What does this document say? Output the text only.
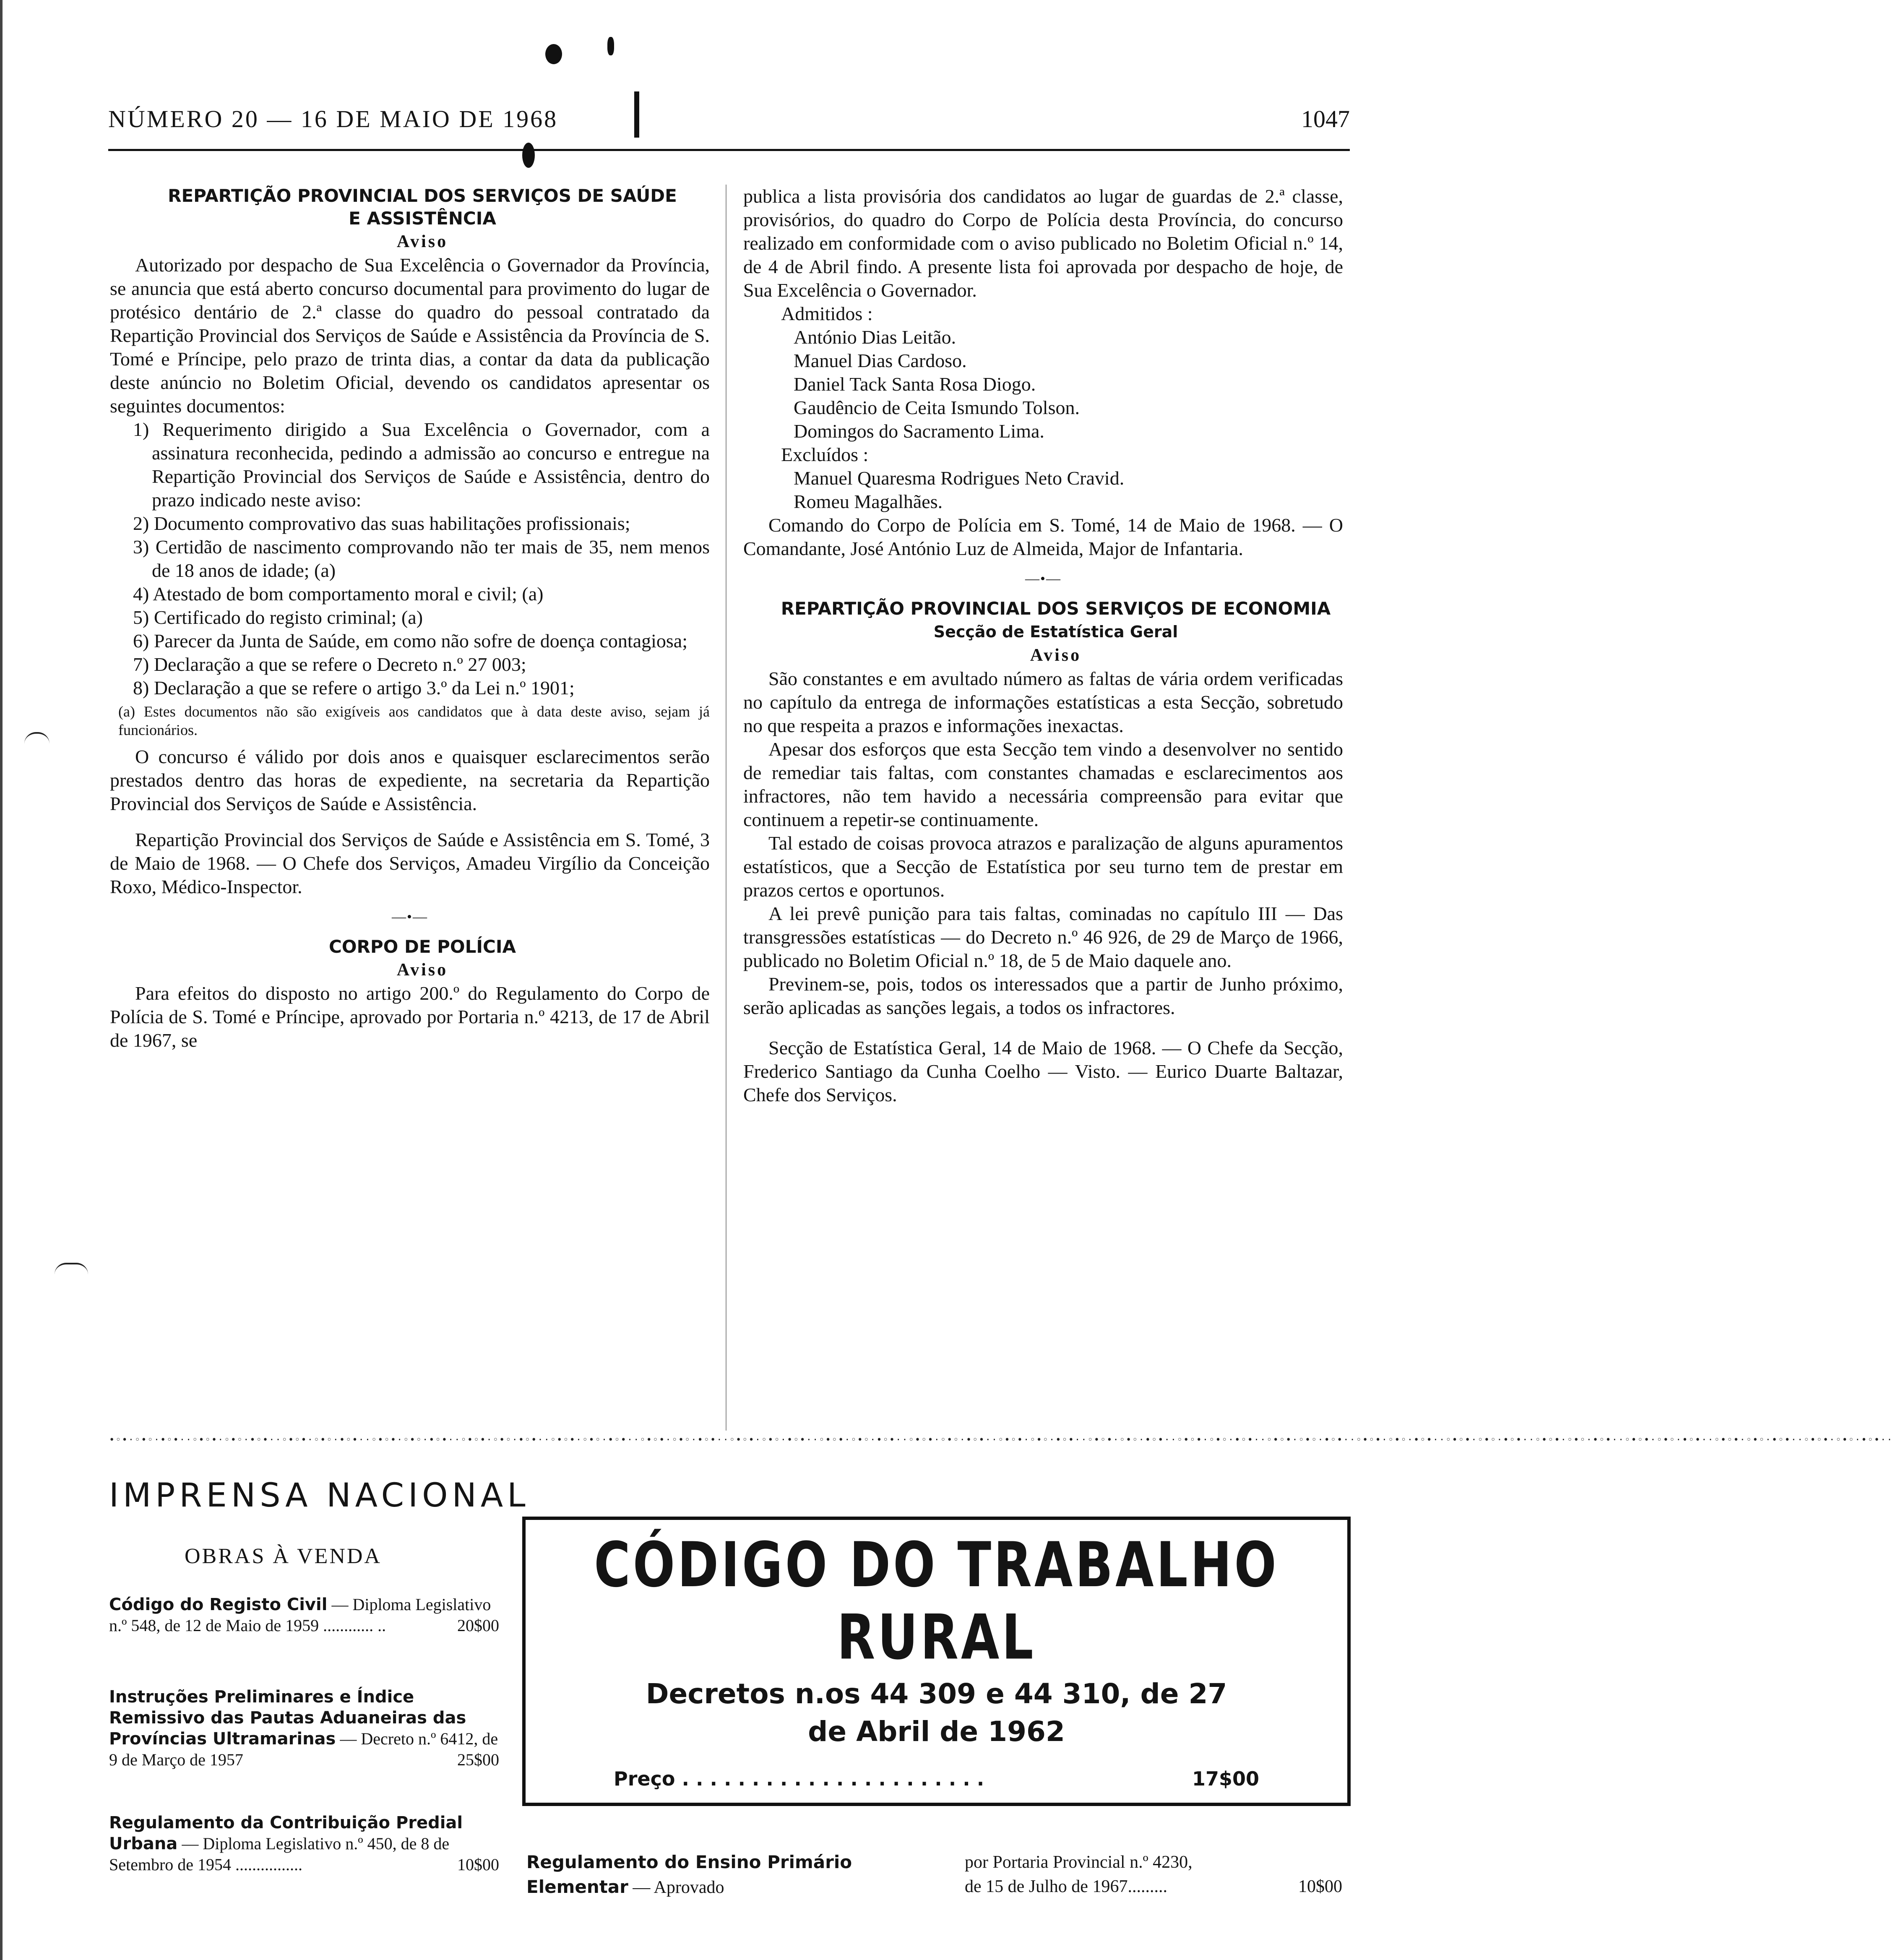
NÚMERO 20 — 16 DE MAIO DE 1968	1047

REPARTIÇÃO PROVINCIAL DOS SERVIÇOS DE SAÚDE

E ASSISTÊNCIA

Aviso

Autorizado por despacho de Sua Excelência o Governador da Província, se anuncia que está aberto concurso documental para provimento do lugar de protésico dentário de 2.ª classe do quadro do pessoal contratado da Repartição Provincial dos Serviços de Saúde e Assistência da Província de S. Tomé e Príncipe, pelo prazo de trinta dias, a contar da data da publicação deste anúncio no Boletim Oficial, devendo os candidatos apresentar os seguintes documentos:

1) Requerimento dirigido a Sua Excelência o Governador, com a assinatura reconhecida, pedindo a admissão ao concurso e entregue na Repartição Provincial dos Serviços de Saúde e Assistência, dentro do prazo indicado neste aviso:
2) Documento comprovativo das suas habilitações profissionais;
3) Certidão de nascimento comprovando não ter mais de 35, nem menos de 18 anos de idade; (a)
4) Atestado de bom comportamento moral e civil; (a)
5) Certificado do registo criminal; (a)
6) Parecer da Junta de Saúde, em como não sofre de doença contagiosa;
7) Declaração a que se refere o Decreto n.º 27 003;
8) Declaração a que se refere o artigo 3.º da Lei n.º 1901;

(a) Estes documentos não são exigíveis aos candidatos que à data deste aviso, sejam já funcionários.

O concurso é válido por dois anos e quaisquer esclarecimentos serão prestados dentro das horas de expediente, na secretaria da Repartição Provincial dos Serviços de Saúde e Assistência.

Repartição Provincial dos Serviços de Saúde e Assistência em S. Tomé, 3 de Maio de 1968. — O Chefe dos Serviços, Amadeu Virgílio da Conceição Roxo, Médico-Inspector.

—•—

CORPO DE POLÍCIA

Aviso

Para efeitos do disposto no artigo 200.º do Regulamento do Corpo de Polícia de S. Tomé e Príncipe, aprovado por Portaria n.º 4213, de 17 de Abril de 1967, se

publica a lista provisória dos candidatos ao lugar de guardas de 2.ª classe, provisórios, do quadro do Corpo de Polícia desta Província, do concurso realizado em conformidade com o aviso publicado no Boletim Oficial n.º 14, de 4 de Abril findo. A presente lista foi aprovada por despacho de hoje, de Sua Excelência o Governador.

Admitidos :

António Dias Leitão.
Manuel Dias Cardoso.
Daniel Tack Santa Rosa Diogo.
Gaudêncio de Ceita Ismundo Tolson.
Domingos do Sacramento Lima.

Excluídos :

Manuel Quaresma Rodrigues Neto Cravid.
Romeu Magalhães.

Comando do Corpo de Polícia em S. Tomé, 14 de Maio de 1968. — O Comandante, José António Luz de Almeida, Major de Infantaria.

—•—

REPARTIÇÃO PROVINCIAL DOS SERVIÇOS DE ECONOMIA

Secção de Estatística Geral

Aviso

São constantes e em avultado número as faltas de vária ordem verificadas no capítulo da entrega de informações estatísticas a esta Secção, sobretudo no que respeita a prazos e informações inexactas.

Apesar dos esforços que esta Secção tem vindo a desenvolver no sentido de remediar tais faltas, com constantes chamadas e esclarecimentos aos infractores, não tem havido a necessária compreensão para evitar que continuem a repetir-se continuamente.

Tal estado de coisas provoca atrazos e paralização de alguns apuramentos estatísticos, que a Secção de Estatística por seu turno tem de prestar em prazos certos e oportunos.

A lei prevê punição para tais faltas, cominadas no capítulo III — Das transgressões estatísticas — do Decreto n.º 46 926, de 29 de Março de 1966, publicado no Boletim Oficial n.º 18, de 5 de Maio daquele ano.

Previnem-se, pois, todos os interessados que a partir de Junho próximo, serão aplicadas as sanções legais, a todos os infractores.

Secção de Estatística Geral, 14 de Maio de 1968. — O Chefe da Secção, Frederico Santiago da Cunha Coelho — Visto. — Eurico Duarte Baltazar, Chefe dos Serviços.

•◦•·◦•◦·•◦•··◦•◦•·◦•◦·•◦•··◦•◦•·◦•◦·•◦•··◦•◦•·◦•◦·•◦•··◦•◦•·◦•◦·•◦•··◦•◦•·◦•◦·•◦•··◦•◦•·◦•◦·•◦•··◦•◦•·◦•◦·•◦•··◦•◦•·◦•◦·•◦•··◦•◦•·◦•◦·•◦•··◦•◦•·◦•◦·•◦•··◦•◦•·◦•◦·•◦•··◦•◦•·◦•◦·•◦•··◦•◦•·◦•◦·•◦•··◦•◦•·◦•◦·•◦•··◦•◦•·◦•◦·•◦•··◦•◦•·◦•◦·•◦•··◦•◦•·◦•◦·•◦•··◦•◦•·◦•◦·•◦•··◦•◦•·◦•◦·•◦•··
IMPRENSA NACIONAL
OBRAS À VENDA
Código do Registo Civil — Diploma Legislativo n.º 548, de 12 de Maio de 1959 ............ ..	20$00
Instruções Preliminares e Índice Remissivo das Pautas Aduaneiras das Províncias Ultramarinas — Decreto n.º 6412, de 9 de Março de 1957	25$00
Regulamento da Contribuição Predial Urbana — Diploma Legislativo n.º 450, de 8 de Setembro de 1954 ................	10$00
CÓDIGO DO TRABALHO RURAL
Decretos n.os 44 309 e 44 310, de 27
de Abril de 1962
Preço . . . . . . . . . . . . . . . . . . . . . .	17$00
Regulamento do Ensino Primário Elementar — Aprovado
por Portaria Provincial n.º 4230,
de 15 de Julho de 1967.........	10$00
